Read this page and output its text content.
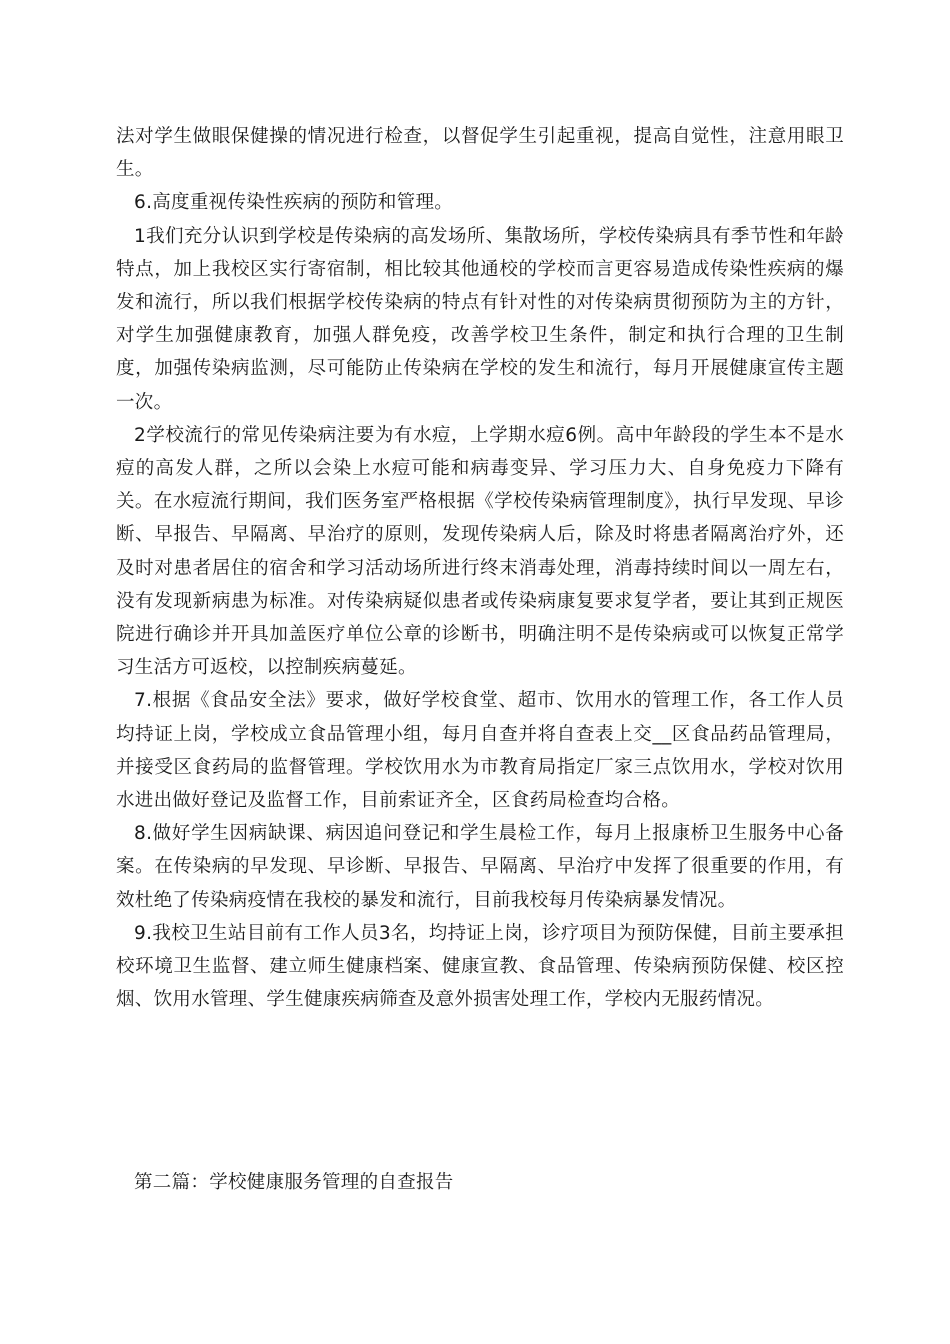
法对学生做眼保健操的情况进行检查，以督促学生引起重视，提高自觉性，注意用眼卫生。

6.高度重视传染性疾病的预防和管理。

1我们充分认识到学校是传染病的高发场所、集散场所，学校传染病具有季节性和年龄特点，加上我校区实行寄宿制，相比较其他通校的学校而言更容易造成传染性疾病的爆发和流行，所以我们根据学校传染病的特点有针对性的对传染病贯彻预防为主的方针，对学生加强健康教育，加强人群免疫，改善学校卫生条件，制定和执行合理的卫生制度，加强传染病监测，尽可能防止传染病在学校的发生和流行，每月开展健康宣传主题一次。

2学校流行的常见传染病注要为有水痘，上学期水痘6例。高中年龄段的学生本不是水痘的高发人群，之所以会染上水痘可能和病毒变异、学习压力大、自身免疫力下降有关。在水痘流行期间，我们医务室严格根据《学校传染病管理制度》，执行早发现、早诊断、早报告、早隔离、早治疗的原则，发现传染病人后，除及时将患者隔离治疗外，还及时对患者居住的宿舍和学习活动场所进行终末消毒处理，消毒持续时间以一周左右，没有发现新病患为标准。对传染病疑似患者或传染病康复要求复学者，要让其到正规医院进行确诊并开具加盖医疗单位公章的诊断书，明确注明不是传染病或可以恢复正常学习生活方可返校，以控制疾病蔓延。

7.根据《食品安全法》要求，做好学校食堂、超市、饮用水的管理工作，各工作人员均持证上岗，学校成立食品管理小组，每月自查并将自查表上交__区食品药品管理局，并接受区食药局的监督管理。学校饮用水为市教育局指定厂家三点饮用水，学校对饮用水进出做好登记及监督工作，目前索证齐全，区食药局检查均合格。

8.做好学生因病缺课、病因追问登记和学生晨检工作，每月上报康桥卫生服务中心备案。在传染病的早发现、早诊断、早报告、早隔离、早治疗中发挥了很重要的作用，有效杜绝了传染病疫情在我校的暴发和流行，目前我校每月传染病暴发情况。

9.我校卫生站目前有工作人员3名，均持证上岗，诊疗项目为预防保健，目前主要承担校环境卫生监督、建立师生健康档案、健康宣教、食品管理、传染病预防保健、校区控烟、饮用水管理、学生健康疾病筛查及意外损害处理工作，学校内无服药情况。

第二篇：学校健康服务管理的自查报告
